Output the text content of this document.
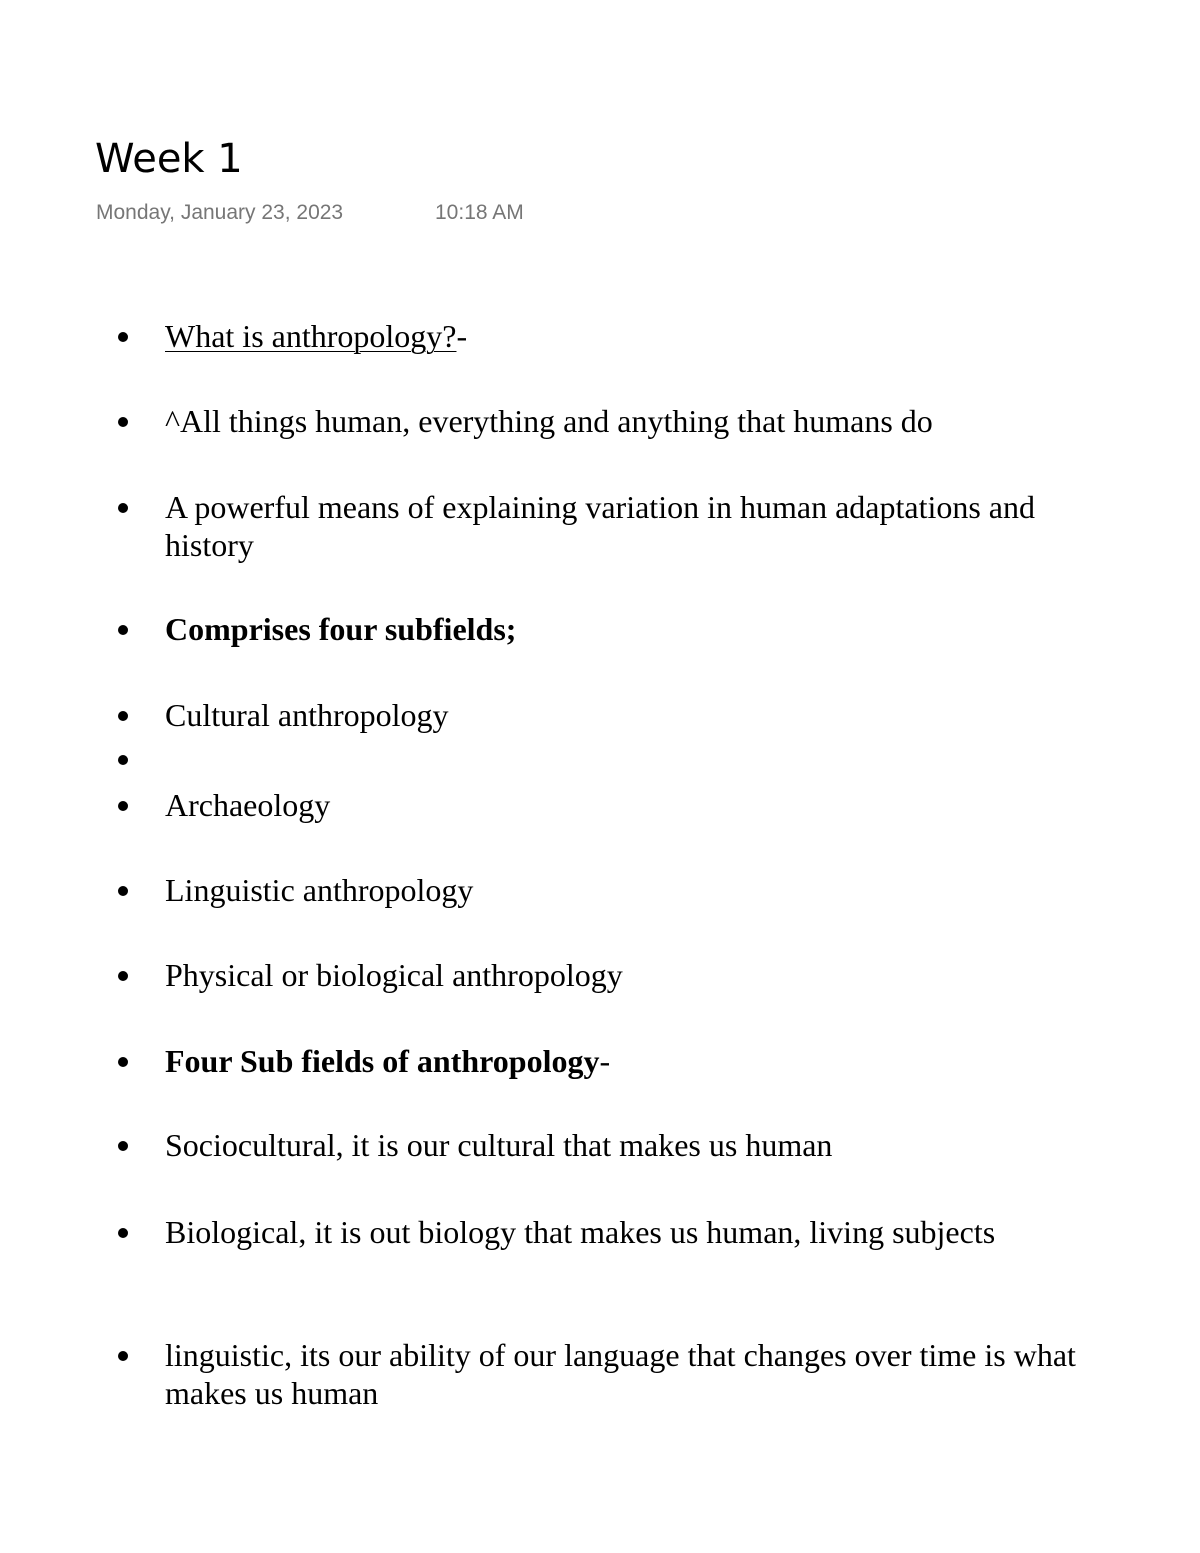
Week 1
Monday, January 23, 2023	10:18 AM
What is anthropology?-
^All things human, everything and anything that humans do
A powerful means of explaining variation in human adaptations and history
Comprises four subfields;
Cultural anthropology
Archaeology
Linguistic anthropology
Physical or biological anthropology
Four Sub fields of anthropology-
Sociocultural, it is our cultural that makes us human
Biological, it is out biology that makes us human, living subjects
linguistic, its our ability of our language that changes over time is what makes us human
